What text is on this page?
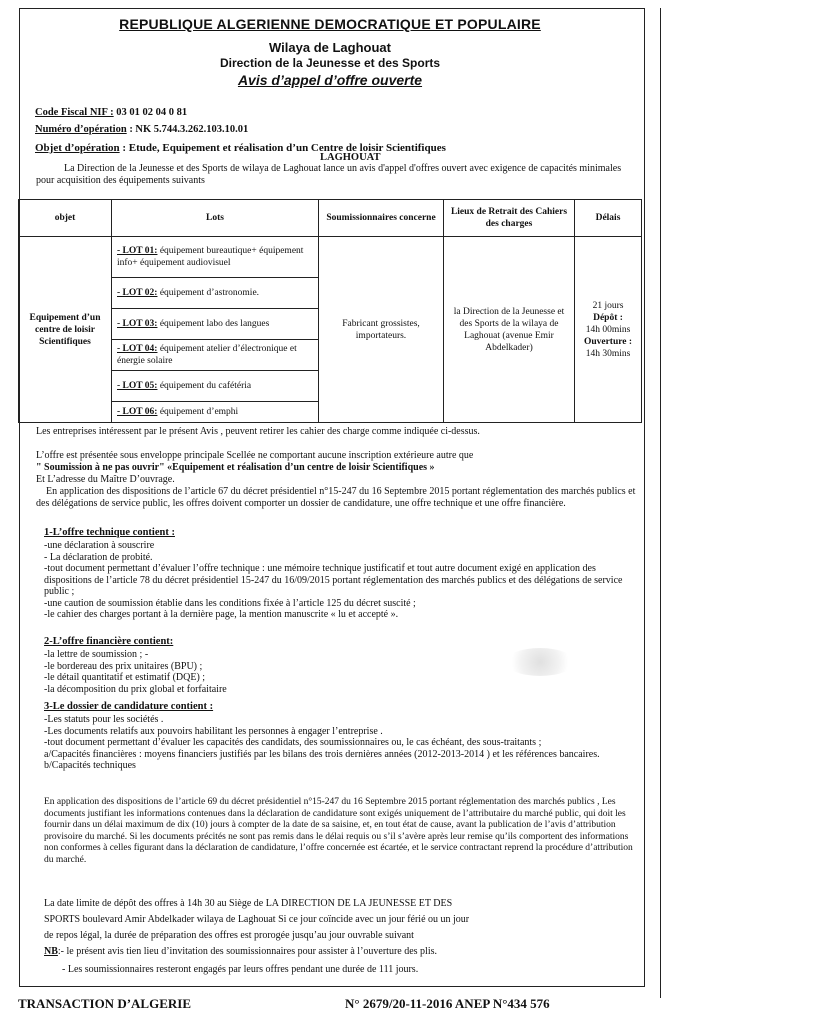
REPUBLIQUE ALGERIENNE DEMOCRATIQUE ET POPULAIRE
Wilaya de Laghouat
Direction de la Jeunesse et des Sports
Avis d’appel d’offre ouverte
Code Fiscal NIF : 03 01 02 04 0 81
Numéro d’opération : NK 5.744.3.262.103.10.01
Objet d’opération : Etude, Equipement et réalisation d’un Centre de loisir Scientifiques
LAGHOUAT
La Direction de la Jeunesse et des Sports de wilaya de Laghouat lance un avis d'appel d'offres ouvert avec exigence de capacités minimales pour acquisition des équipements suivants
objet	Lots	Soumissionnaires concerne	Lieux de Retrait des Cahiers des charges	Délais
Equipement d’un centre de loisir Scientifiques	- LOT 01: équipement bureautique+ équipement info+ équipement audiovisuel	Fabricant grossistes, importateurs.	la Direction de la Jeunesse et des Sports de la wilaya de Laghouat (avenue Emir Abdelkader)	21 jours
Dépôt :
14h 00mins
Ouverture :
14h 30mins

	- LOT 02: équipement d’astronomie.			
	- LOT 03: équipement labo des langues			
	- LOT 04: équipement atelier d’électronique et énergie solaire			
	- LOT 05: équipement du cafétéria			
	- LOT 06: équipement d’emphi			
Les entreprises intéressent par le présent Avis , peuvent retirer les cahier des charge comme indiquée ci-dessus.
L’offre est présentée sous enveloppe principale Scellée ne comportant aucune inscription extérieure autre que
" Soumission à ne pas ouvrir" «Equipement et réalisation d’un centre de loisir Scientifiques »
Et L’adresse du Maître D’ouvrage.
En application des dispositions de l’article 67 du décret présidentiel n°15-247 du 16 Septembre 2015 portant réglementation des marchés publics et des délégations de service public, les offres doivent comporter un dossier de candidature, une offre technique et une offre financière.
1-L’offre technique contient :
-une déclaration à souscrire
- La déclaration de probité.
-tout document permettant d’évaluer l’offre technique : une mémoire technique justificatif et tout autre document exigé en application des dispositions de l’article 78 du décret présidentiel 15-247 du 16/09/2015 portant réglementation des marchés publics et des délégations de service public ;
-une caution de soumission établie dans les conditions fixée à l’article 125 du décret suscité ;
-le cahier des charges portant à la dernière page, la mention manuscrite « lu et accepté ».
2-L’offre financière contient:
-la lettre de soumission ; -
-le bordereau des prix unitaires (BPU) ;
-le détail quantitatif et estimatif (DQE) ;
-la décomposition du prix global et forfaitaire
3-Le dossier de candidature contient :
-Les statuts pour les sociétés .
-Les documents relatifs aux pouvoirs habilitant les personnes à engager l’entreprise .
-tout document permettant d’évaluer les capacités des candidats, des soumissionnaires ou, le cas échéant, des sous-traitants ;
a/Capacités financières : moyens financiers justifiés par les bilans des trois dernières années (2012-2013-2014 ) et les références bancaires.
b/Capacités techniques
En application des dispositions de l’article 69 du décret présidentiel n°15-247 du 16 Septembre 2015 portant réglementation des marchés publics , Les documents justifiant les informations contenues dans la déclaration de candidature sont exigés uniquement de l’attributaire du marché public, qui doit les fournir dans un délai maximum de dix (10) jours à compter de la date de sa saisine, et, en tout état de cause, avant la publication de l’avis d’attribution provisoire du marché. Si les documents précités ne sont pas remis dans le délai requis ou s’il s’avère après leur remise qu’ils comportent des informations non conformes à celles figurant dans la déclaration de candidature, l’offre concernée est écartée, et le service contractant reprend la procédure d’attribution du marché.
La date limite de dépôt des offres à 14h 30 au Siège de LA DIRECTION DE LA JEUNESSE ET DES
SPORTS boulevard Amir Abdelkader wilaya de Laghouat Si ce jour coïncide avec un jour férié ou un jour
de repos légal, la durée de préparation des offres est prorogée jusqu’au jour ouvrable suivant
NB:- le présent avis tien lieu d’invitation des soumissionnaires pour assister à l’ouverture des plis.
- Les soumissionnaires resteront engagés par leurs offres pendant une durée de 111 jours.
TRANSACTION D’ALGERIE	N° 2679/20-11-2016 ANEP N°434 576
